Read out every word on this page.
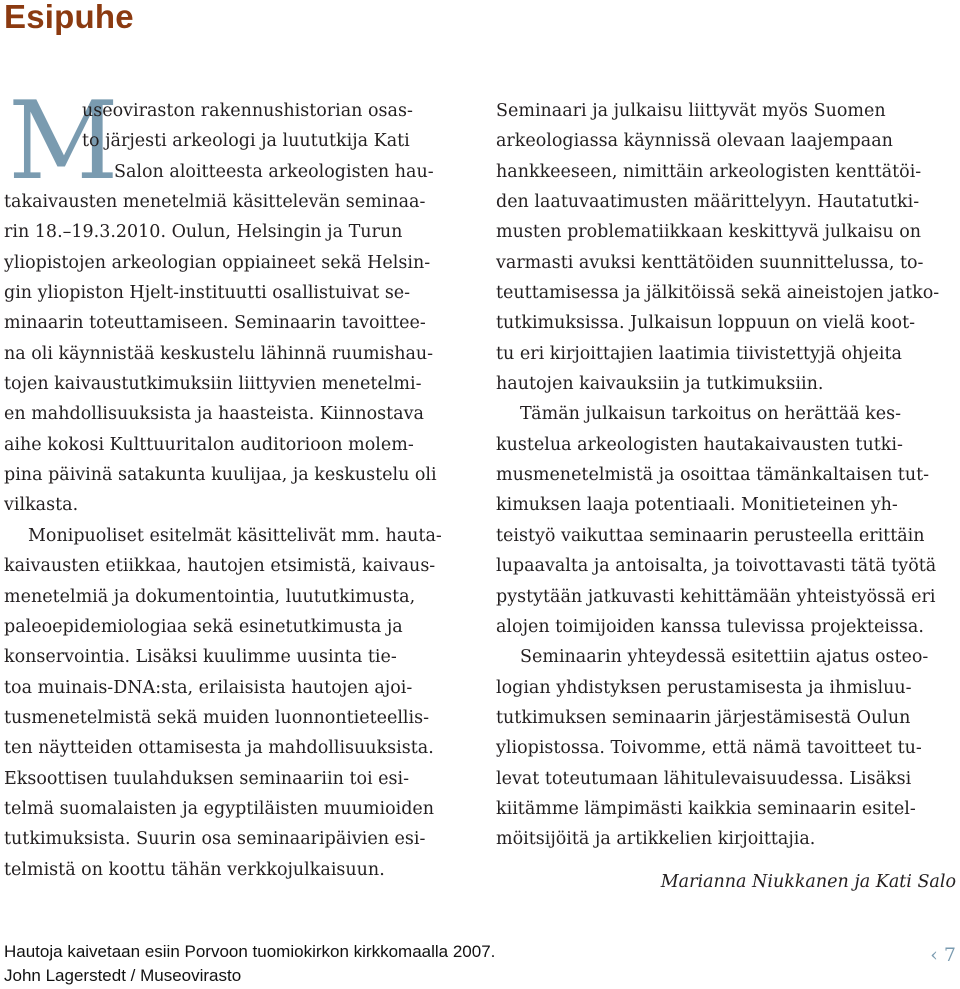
Esipuhe
M
useoviraston rakennushistorian osas-
to järjesti arkeologi ja luututkija Kati
Salon aloitteesta arkeologisten hau-
takaivausten menetelmiä käsittelevän seminaa-
rin 18.–19.3.2010. Oulun, Helsingin ja Turun
yliopistojen arkeologian oppiaineet sekä Helsin-
gin yliopiston Hjelt-instituutti osallistuivat se-
minaarin toteuttamiseen. Seminaarin tavoittee-
na oli käynnistää keskustelu lähinnä ruumishau-
tojen kaivaustutkimuksiin liittyvien menetelmi-
en mahdollisuuksista ja haasteista. Kiinnostava
aihe kokosi Kulttuuritalon auditorioon molem-
pina päivinä satakunta kuulijaa, ja keskustelu oli
vilkasta.
Monipuoliset esitelmät käsittelivät mm. hauta-
kaivausten etiikkaa, hautojen etsimistä, kaivaus-
menetelmiä ja dokumentointia, luututkimusta,
paleoepidemiologiaa sekä esinetutkimusta ja
konservointia. Lisäksi kuulimme uusinta tie-
toa muinais-DNA:sta, erilaisista hautojen ajoi-
tusmenetelmistä sekä muiden luonnontieteellis-
ten näytteiden ottamisesta ja mahdollisuuksista.
Eksoottisen tuulahduksen seminaariin toi esi-
telmä suomalaisten ja egyptiläisten muumioiden
tutkimuksista. Suurin osa seminaaripäivien esi-
telmistä on koottu tähän verkkojulkaisuun.
Seminaari ja julkaisu liittyvät myös Suomen
arkeologiassa käynnissä olevaan laajempaan
hankkeeseen, nimittäin arkeologisten kenttätöi-
den laatuvaatimusten määrittelyyn. Hautatutki-
musten problematiikkaan keskittyvä julkaisu on
varmasti avuksi kenttätöiden suunnittelussa, to-
teuttamisessa ja jälkitöissä sekä aineistojen jatko-
tutkimuksissa. Julkaisun loppuun on vielä koot-
tu eri kirjoittajien laatimia tiivistettyjä ohjeita
hautojen kaivauksiin ja tutkimuksiin.
Tämän julkaisun tarkoitus on herättää kes-
kustelua arkeologisten hautakaivausten tutki-
musmenetelmistä ja osoittaa tämänkaltaisen tut-
kimuksen laaja potentiaali. Monitieteinen yh-
teistyö vaikuttaa seminaarin perusteella erittäin
lupaavalta ja antoisalta, ja toivottavasti tätä työtä
pystytään jatkuvasti kehittämään yhteistyössä eri
alojen toimijoiden kanssa tulevissa projekteissa.
Seminaarin yhteydessä esitettiin ajatus osteo-
logian yhdistyksen perustamisesta ja ihmisluu-
tutkimuksen seminaarin järjestämisestä Oulun
yliopistossa. Toivomme, että nämä tavoitteet tu-
levat toteutumaan lähitulevaisuudessa. Lisäksi
kiitämme lämpimästi kaikkia seminaarin esitel-
möitsijöitä ja artikkelien kirjoittajia.
Marianna Niukkanen ja Kati Salo
Hautoja kaivetaan esiin Porvoon tuomiokirkon kirkkomaalla 2007.
John Lagerstedt / Museovirasto
‹ 7
